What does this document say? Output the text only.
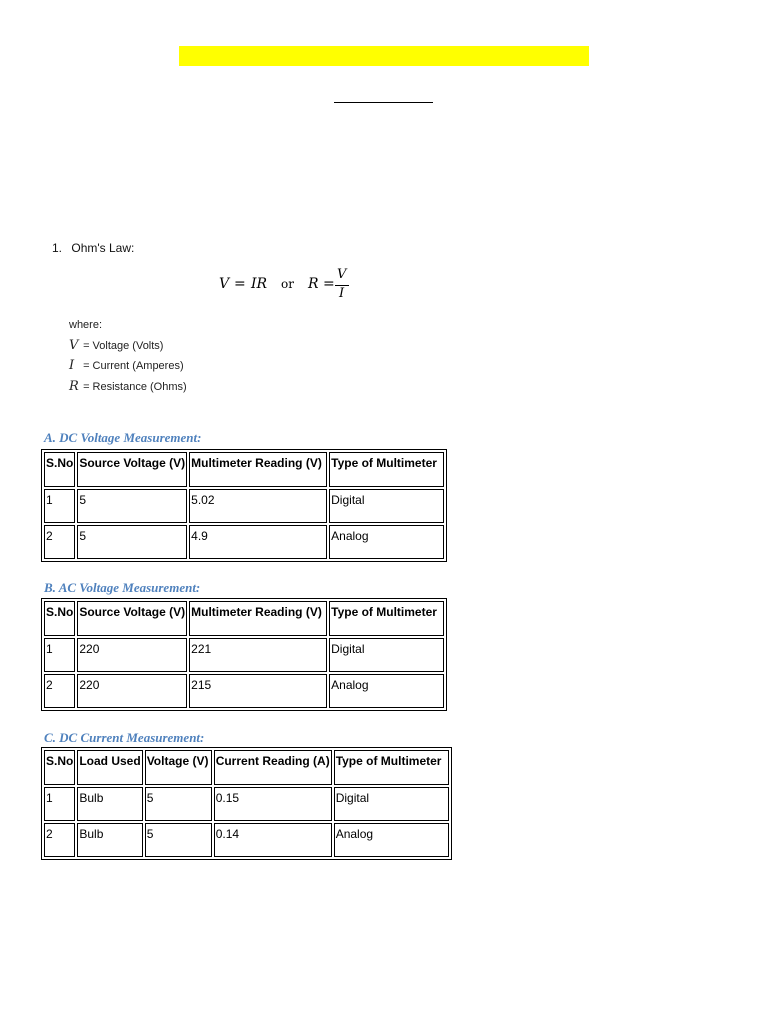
1. Ohm's Law:
V = IR or R =
V
I
where:
V = Voltage (Volts)
I = Current (Amperes)
R = Resistance (Ohms)
A. DC Voltage Measurement:
S.No	Source Voltage (V)	Multimeter Reading (V)	Type of Multimeter
1	5	5.02	Digital
2	5	4.9	Analog
B. AC Voltage Measurement:
S.No	Source Voltage (V)	Multimeter Reading (V)	Type of Multimeter
1	220	221	Digital
2	220	215	Analog
C. DC Current Measurement:
S.No	Load Used	Voltage (V)	Current Reading (A)	Type of Multimeter
1	Bulb	5	0.15	Digital
2	Bulb	5	0.14	Analog
